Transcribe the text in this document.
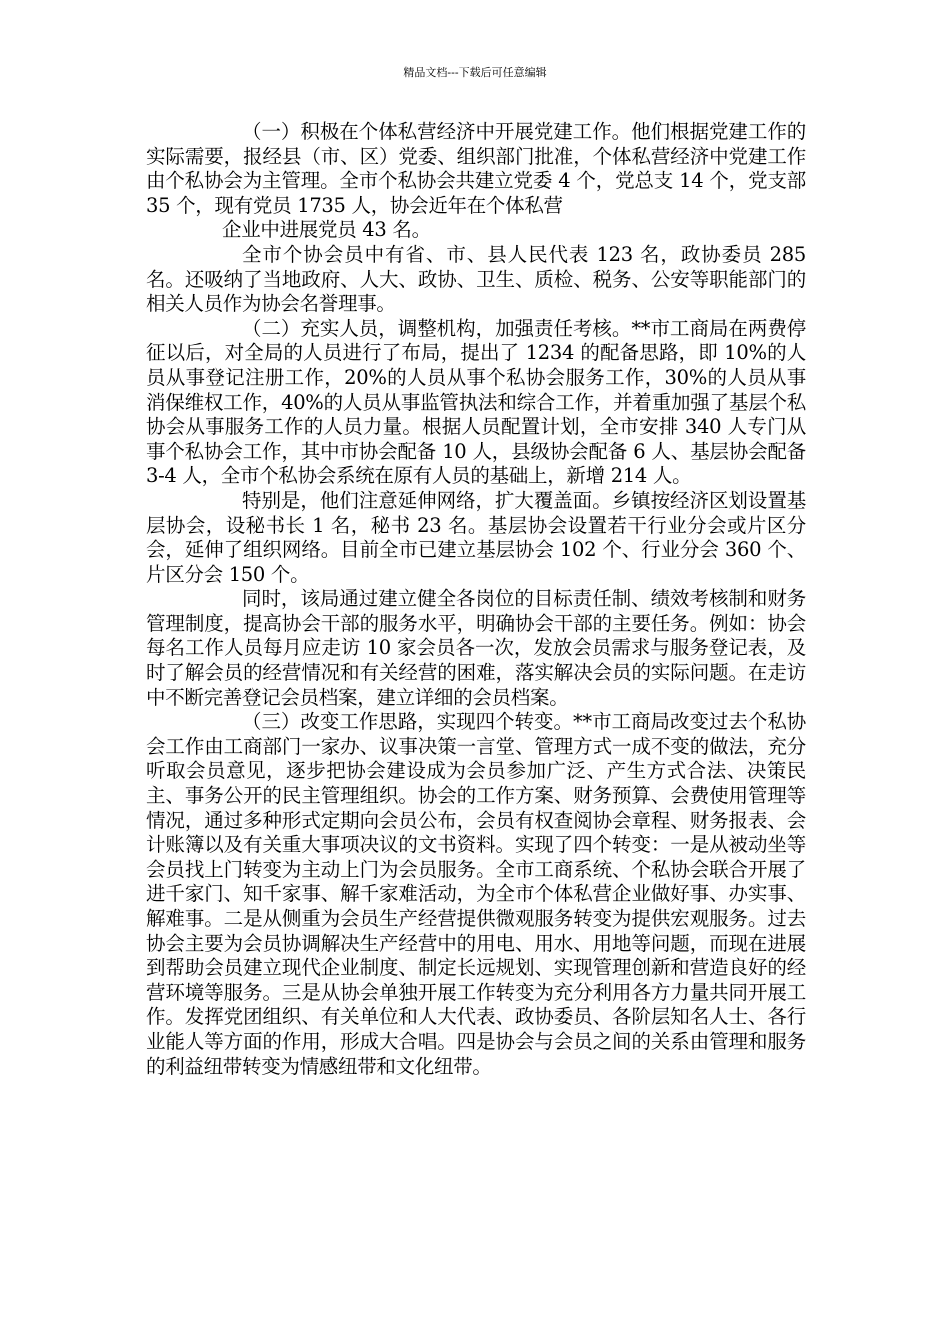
精品文档---下载后可任意编辑

（一）积极在个体私营经济中开展党建工作。他们根据党建工作的实际需要，报经县（市、区）党委、组织部门批准，个体私营经济中党建工作由个私协会为主管理。全市个私协会共建立党委 4 个，党总支 14 个，党支部 35 个，现有党员 1735 人，协会近年在个体私营

企业中进展党员 43 名。

全市个协会员中有省、市、县人民代表 123 名，政协委员 285 名。还吸纳了当地政府、人大、政协、卫生、质检、税务、公安等职能部门的相关人员作为协会名誉理事。

（二）充实人员，调整机构，加强责任考核。**市工商局在两费停征以后，对全局的人员进行了布局，提出了 1234 的配备思路，即 10%的人员从事登记注册工作，20%的人员从事个私协会服务工作，30%的人员从事消保维权工作，40%的人员从事监管执法和综合工作，并着重加强了基层个私协会从事服务工作的人员力量。根据人员配置计划，全市安排 340 人专门从事个私协会工作，其中市协会配备 10 人，县级协会配备 6 人、基层协会配备 3-4 人，全市个私协会系统在原有人员的基础上，新增 214 人。

特别是，他们注意延伸网络，扩大覆盖面。乡镇按经济区划设置基层协会，设秘书长 1 名，秘书 23 名。基层协会设置若干行业分会或片区分会，延伸了组织网络。目前全市已建立基层协会 102 个、行业分会 360 个、片区分会 150 个。

同时，该局通过建立健全各岗位的目标责任制、绩效考核制和财务管理制度，提高协会干部的服务水平，明确协会干部的主要任务。例如：协会每名工作人员每月应走访 10 家会员各一次，发放会员需求与服务登记表，及时了解会员的经营情况和有关经营的困难，落实解决会员的实际问题。在走访中不断完善登记会员档案，建立详细的会员档案。

（三）改变工作思路，实现四个转变。**市工商局改变过去个私协会工作由工商部门一家办、议事决策一言堂、管理方式一成不变的做法，充分听取会员意见，逐步把协会建设成为会员参加广泛、产生方式合法、决策民主、事务公开的民主管理组织。协会的工作方案、财务预算、会费使用管理等情况，通过多种形式定期向会员公布，会员有权查阅协会章程、财务报表、会计账簿以及有关重大事项决议的文书资料。实现了四个转变：一是从被动坐等会员找上门转变为主动上门为会员服务。全市工商系统、个私协会联合开展了进千家门、知千家事、解千家难活动，为全市个体私营企业做好事、办实事、解难事。二是从侧重为会员生产经营提供微观服务转变为提供宏观服务。过去协会主要为会员协调解决生产经营中的用电、用水、用地等问题，而现在进展到帮助会员建立现代企业制度、制定长远规划、实现管理创新和营造良好的经营环境等服务。三是从协会单独开展工作转变为充分利用各方力量共同开展工作。发挥党团组织、有关单位和人大代表、政协委员、各阶层知名人士、各行业能人等方面的作用，形成大合唱。四是协会与会员之间的关系由管理和服务的利益纽带转变为情感纽带和文化纽带。
